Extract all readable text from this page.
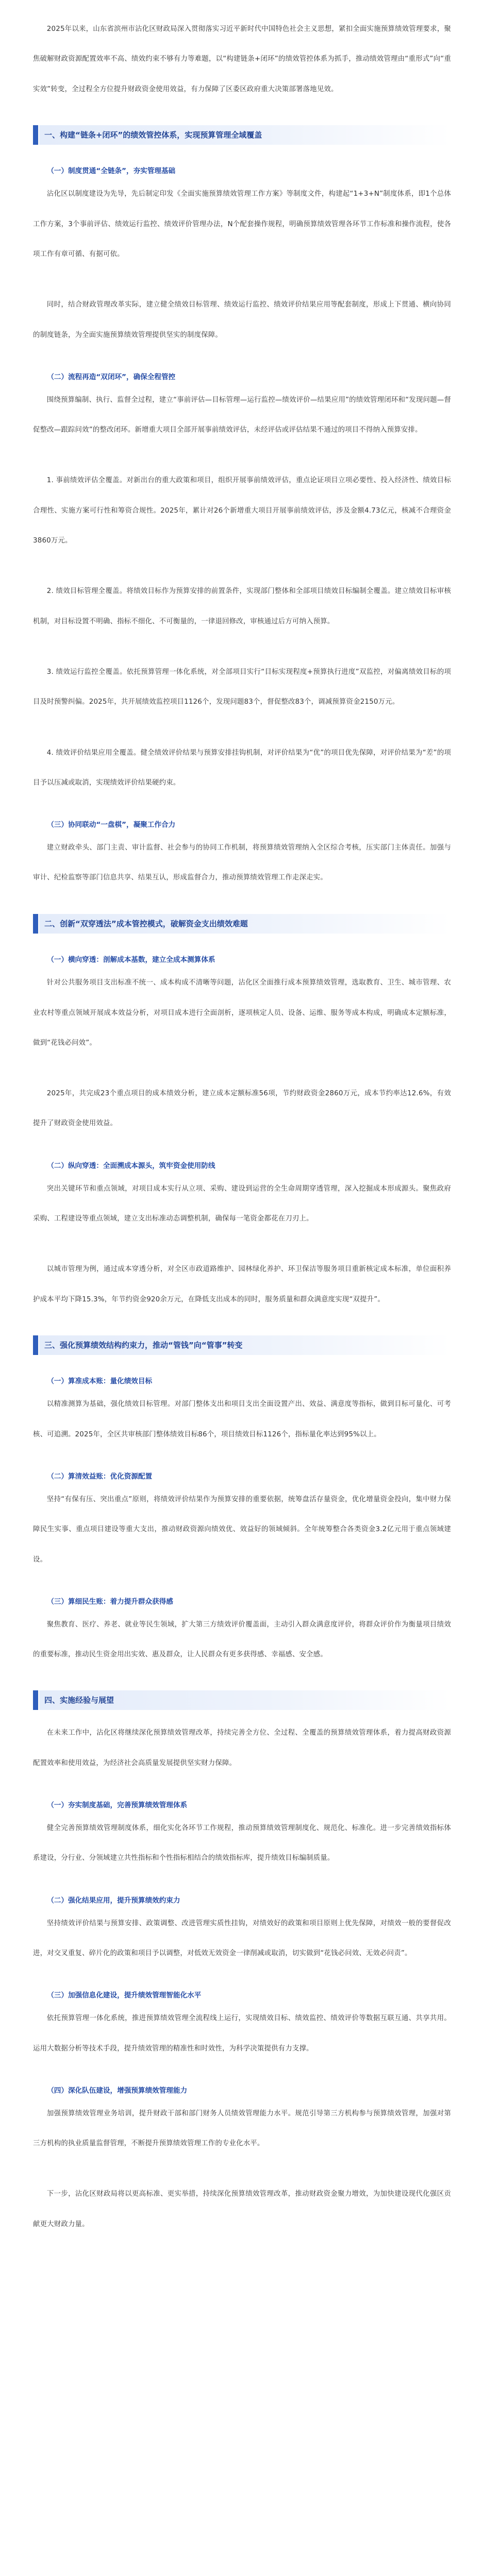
2025年以来，山东省滨州市沾化区财政局深入贯彻落实习近平新时代中国特色社会主义思想，紧扣全面实施预算绩效管理要求，聚焦破解财政资源配置效率不高、绩效约束不够有力等难题，以“构建链条+闭环”的绩效管控体系为抓手，推动绩效管理由“重形式”向“重实效”转变，全过程全方位提升财政资金使用效益，有力保障了区委区政府重大决策部署落地见效。

一、构建“链条+闭环”的绩效管控体系，实现预算管理全域覆盖

（一）制度贯通“全链条”，夯实管理基础

沾化区以制度建设为先导，先后制定印发《全面实施预算绩效管理工作方案》等制度文件，构建起“1+3+N”制度体系，即1个总体工作方案，3个事前评估、绩效运行监控、绩效评价管理办法，N个配套操作规程，明确预算绩效管理各环节工作标准和操作流程，使各项工作有章可循、有据可依。

同时，结合财政管理改革实际，建立健全绩效目标管理、绩效运行监控、绩效评价结果应用等配套制度，形成上下贯通、横向协同的制度链条，为全面实施预算绩效管理提供坚实的制度保障。

（二）流程再造“双闭环”，确保全程管控

围绕预算编制、执行、监督全过程，建立“事前评估—目标管理—运行监控—绩效评价—结果应用”的绩效管理闭环和“发现问题—督促整改—跟踪问效”的整改闭环。新增重大项目全部开展事前绩效评估，未经评估或评估结果不通过的项目不得纳入预算安排。

1. 事前绩效评估全覆盖。对新出台的重大政策和项目，组织开展事前绩效评估，重点论证项目立项必要性、投入经济性、绩效目标合理性、实施方案可行性和筹资合规性。2025年，累计对26个新增重大项目开展事前绩效评估，涉及金额4.73亿元，核减不合理资金3860万元。

2. 绩效目标管理全覆盖。将绩效目标作为预算安排的前置条件，实现部门整体和全部项目绩效目标编制全覆盖。建立绩效目标审核机制，对目标设置不明确、指标不细化、不可衡量的，一律退回修改，审核通过后方可纳入预算。

3. 绩效运行监控全覆盖。依托预算管理一体化系统，对全部项目实行“目标实现程度+预算执行进度”双监控，对偏离绩效目标的项目及时预警纠偏。2025年，共开展绩效监控项目1126个，发现问题83个，督促整改83个，调减预算资金2150万元。

4. 绩效评价结果应用全覆盖。健全绩效评价结果与预算安排挂钩机制，对评价结果为“优”的项目优先保障，对评价结果为“差”的项目予以压减或取消，实现绩效评价结果硬约束。

（三）协同联动“一盘棋”，凝聚工作合力

建立财政牵头、部门主责、审计监督、社会参与的协同工作机制，将预算绩效管理纳入全区综合考核，压实部门主体责任。加强与审计、纪检监察等部门信息共享、结果互认，形成监督合力，推动预算绩效管理工作走深走实。

二、创新“双穿透法”成本管控模式，破解资金支出绩效难题

（一）横向穿透：剖解成本基数，建立全成本测算体系

针对公共服务项目支出标准不统一、成本构成不清晰等问题，沾化区全面推行成本预算绩效管理，选取教育、卫生、城市管理、农业农村等重点领域开展成本效益分析，对项目成本进行全面剖析，逐项核定人员、设备、运维、服务等成本构成，明确成本定额标准，做到“花钱必问效”。

2025年，共完成23个重点项目的成本绩效分析，建立成本定额标准56项，节约财政资金2860万元，成本节约率达12.6%，有效提升了财政资金使用效益。

（二）纵向穿透：全面溯成本源头，筑牢资金使用防线

突出关键环节和重点领域，对项目成本实行从立项、采购、建设到运营的全生命周期穿透管理，深入挖掘成本形成源头。聚焦政府采购、工程建设等重点领域，建立支出标准动态调整机制，确保每一笔资金都花在刀刃上。

以城市管理为例，通过成本穿透分析，对全区市政道路维护、园林绿化养护、环卫保洁等服务项目重新核定成本标准，单位面积养护成本平均下降15.3%，年节约资金920余万元，在降低支出成本的同时，服务质量和群众满意度实现“双提升”。

三、强化预算绩效结构约束力，推动“管钱”向“管事”转变

（一）算准成本账：量化绩效目标

以精准测算为基础，强化绩效目标管理。对部门整体支出和项目支出全面设置产出、效益、满意度等指标，做到目标可量化、可考核、可追溯。2025年，全区共审核部门整体绩效目标86个，项目绩效目标1126个，指标量化率达到95%以上。

（二）算清效益账：优化资源配置

坚持“有保有压、突出重点”原则，将绩效评价结果作为预算安排的重要依据，统筹盘活存量资金，优化增量资金投向，集中财力保障民生实事、重点项目建设等重大支出，推动财政资源向绩效优、效益好的领域倾斜。全年统筹整合各类资金3.2亿元用于重点领域建设。

（三）算细民生账：着力提升群众获得感

聚焦教育、医疗、养老、就业等民生领域，扩大第三方绩效评价覆盖面，主动引入群众满意度评价，将群众评价作为衡量项目绩效的重要标准，推动民生资金用出实效、惠及群众，让人民群众有更多获得感、幸福感、安全感。

四、实施经验与展望

在未来工作中，沾化区将继续深化预算绩效管理改革，持续完善全方位、全过程、全覆盖的预算绩效管理体系，着力提高财政资源配置效率和使用效益，为经济社会高质量发展提供坚实财力保障。

（一）夯实制度基础，完善预算绩效管理体系

健全完善预算绩效管理制度体系，细化实化各环节工作规程，推动预算绩效管理制度化、规范化、标准化。进一步完善绩效指标体系建设，分行业、分领域建立共性指标和个性指标相结合的绩效指标库，提升绩效目标编制质量。

（二）强化结果应用，提升预算绩效约束力

坚持绩效评价结果与预算安排、政策调整、改进管理实质性挂钩，对绩效好的政策和项目原则上优先保障，对绩效一般的要督促改进，对交叉重复、碎片化的政策和项目予以调整，对低效无效资金一律削减或取消，切实做到“花钱必问效、无效必问责”。

（三）加强信息化建设，提升绩效管理智能化水平

依托预算管理一体化系统，推进预算绩效管理全流程线上运行，实现绩效目标、绩效监控、绩效评价等数据互联互通、共享共用。运用大数据分析等技术手段，提升绩效管理的精准性和时效性，为科学决策提供有力支撑。

（四）深化队伍建设，增强预算绩效管理能力

加强预算绩效管理业务培训，提升财政干部和部门财务人员绩效管理能力水平。规范引导第三方机构参与预算绩效管理，加强对第三方机构的执业质量监督管理，不断提升预算绩效管理工作的专业化水平。

下一步，沾化区财政局将以更高标准、更实举措，持续深化预算绩效管理改革，推动财政资金聚力增效，为加快建设现代化强区贡献更大财政力量。
